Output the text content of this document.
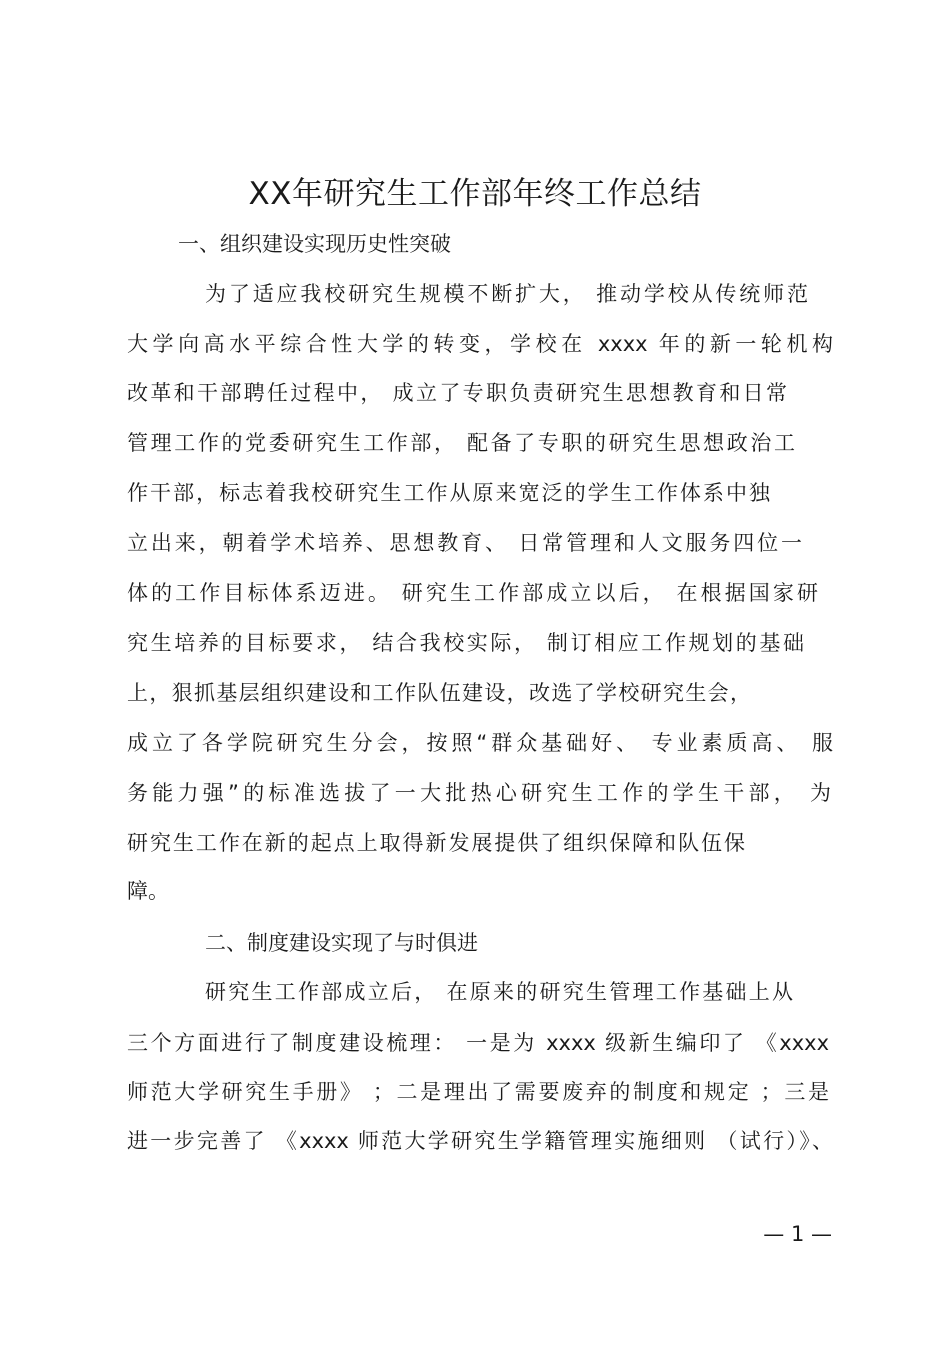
XX年研究生工作部年终工作总结
一、组织建设实现历史性突破
为了适应我校研究生规模不断扩大， 推动学校从传统师范
大学向高水平综合性大学的转变，学校在 xxxx 年的新一轮机构
改革和干部聘任过程中， 成立了专职负责研究生思想教育和日常
管理工作的党委研究生工作部， 配备了专职的研究生思想政治工
作干部，标志着我校研究生工作从原来宽泛的学生工作体系中独
立出来，朝着学术培养、思想教育、 日常管理和人文服务四位一
体的工作目标体系迈进。 研究生工作部成立以后， 在根据国家研
究生培养的目标要求， 结合我校实际， 制订相应工作规划的基础
上，狠抓基层组织建设和工作队伍建设，改选了学校研究生会，
成立了各学院研究生分会，按照“群众基础好、 专业素质高、 服
务能力强”的标准选拔了一大批热心研究生工作的学生干部， 为
研究生工作在新的起点上取得新发展提供了组织保障和队伍保
障。
二、制度建设实现了与时俱进
研究生工作部成立后， 在原来的研究生管理工作基础上从
三个方面进行了制度建设梳理： 一是为 xxxx 级新生编印了 《xxxx
师范大学研究生手册》 ；二是理出了需要废弃的制度和规定 ；三是
进一步完善了 《xxxx 师范大学研究生学籍管理实施细则 （试行）》、
— 1 —
